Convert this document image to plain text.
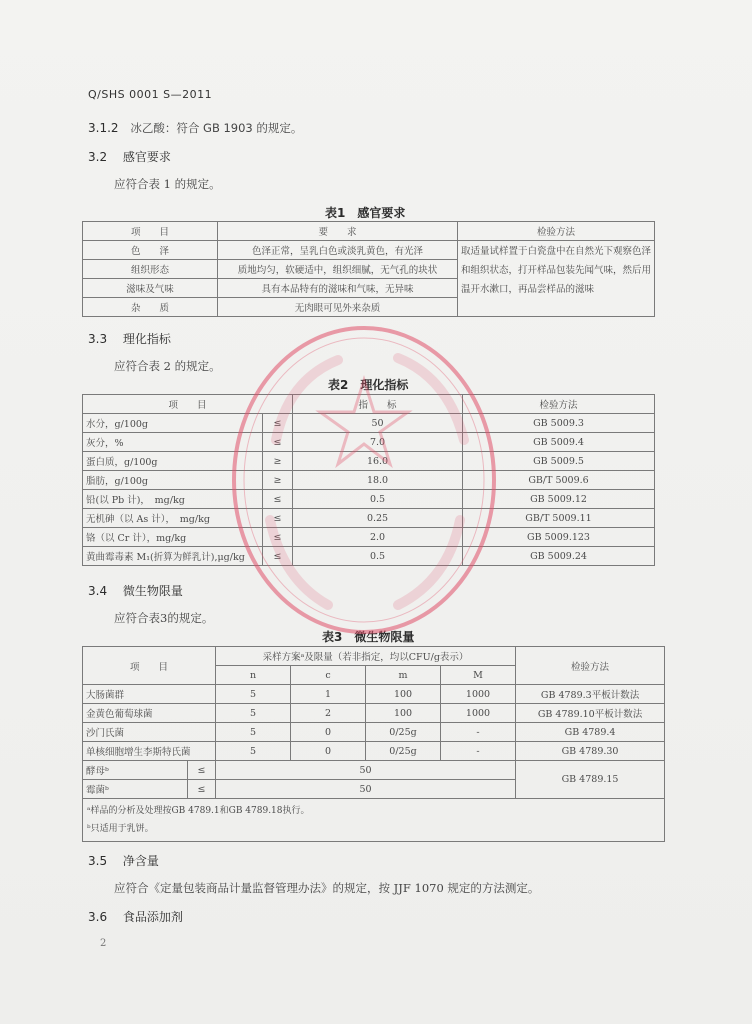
Q/SHS 0001 S—2011
3.1.2 冰乙酸：符合 GB 1903 的规定。
3.2 感官要求
应符合表 1 的规定。
表1　感官要求
项　　目	要　　求	检验方法
色　　泽	色泽正常，呈乳白色或淡乳黄色，有光泽	取适量试样置于白瓷盘中在自然光下观察色泽和组织状态，打开样品包装先闻气味，然后用温开水漱口，再品尝样品的滋味
组织形态	质地均匀，软硬适中，组织细腻，无气孔的块状	
滋味及气味	具有本品特有的滋味和气味，无异味	
杂　　质	无肉眼可见外来杂质	
3.3 理化指标
应符合表 2 的规定。
表2　理化指标
项　　目		指　　标	检验方法
水分，g/100g	≤	50	GB 5009.3
灰分，%	≤	7.0	GB 5009.4
蛋白质，g/100g	≥	16.0	GB 5009.5
脂肪，g/100g	≥	18.0	GB/T 5009.6
铅(以 Pb 计)，　mg/kg	≤	0.5	GB 5009.12
无机砷（以 As 计），　mg/kg	≤	0.25	GB/T 5009.11
铬（以 Cr 计），mg/kg	≤	2.0	GB 5009.123
黄曲霉毒素 M₁(折算为鲜乳计),μg/kg	≤	0.5	GB 5009.24
3.4 微生物限量
应符合表3的规定。
表3　微生物限量
项　　目		采样方案ᵃ及限量（若非指定，均以CFU/g表示）				检验方法
		n	c	m	M	
大肠菌群		5	1	100	1000	GB 4789.3平板计数法
金黄色葡萄球菌		5	2	100	1000	GB 4789.10平板计数法
沙门氏菌		5	0	0/25g	-	GB 4789.4
单核细胞增生李斯特氏菌		5	0	0/25g	-	GB 4789.30
酵母ᵇ	≤	50				GB 4789.15
霉菌ᵇ	≤	50				

ᵃ样品的分析及处理按GB 4789.1和GB 4789.18执行。
ᵇ只适用于乳饼。						
3.5 净含量
应符合《定量包装商品计量监督管理办法》的规定，按 JJF 1070 规定的方法测定。
3.6 食品添加剂
2
